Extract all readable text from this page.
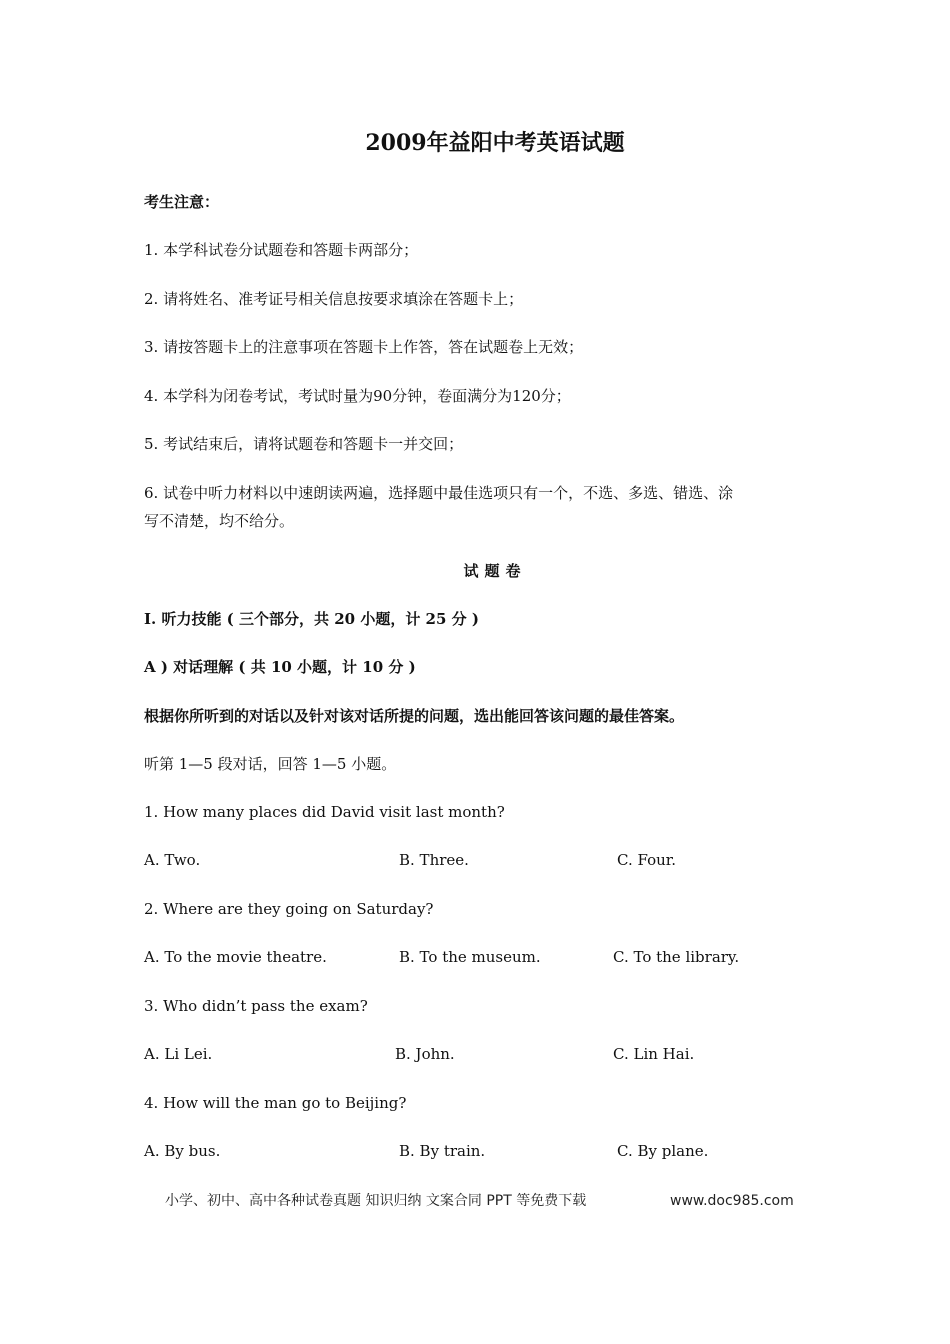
2009年益阳中考英语试题
考生注意：
1. 本学科试卷分试题卷和答题卡两部分；
2. 请将姓名、准考证号相关信息按要求填涂在答题卡上；
3. 请按答题卡上的注意事项在答题卡上作答，答在试题卷上无效；
4. 本学科为闭卷考试，考试时量为90分钟，卷面满分为120分；
5. 考试结束后，请将试题卷和答题卡一并交回；
6. 试卷中听力材料以中速朗读两遍，选择题中最佳选项只有一个，不选、多选、错选、涂
写不清楚，均不给分。
试题卷
I. 听力技能 ( 三个部分，共 20 小题，计 25 分 )
A ) 对话理解 ( 共 10 小题，计 10 分 )
根据你所听到的对话以及针对该对话所提的问题，选出能回答该问题的最佳答案。
听第 1—5 段对话，回答 1—5 小题。
1. How many places did David visit last month?
A. Two.	B. Three.	C. Four.
2. Where are they going on Saturday?
A. To the movie theatre.	B. To the museum.	C. To the library.
3. Who didn’t pass the exam?
A. Li Lei.	B. John.	C. Lin Hai.
4. How will the man go to Beijing?
A. By bus.	B. By train.	C. By plane.
小学、初中、高中各种试卷真题 知识归纳 文案合同 PPT 等免费下载	www.doc985.com
